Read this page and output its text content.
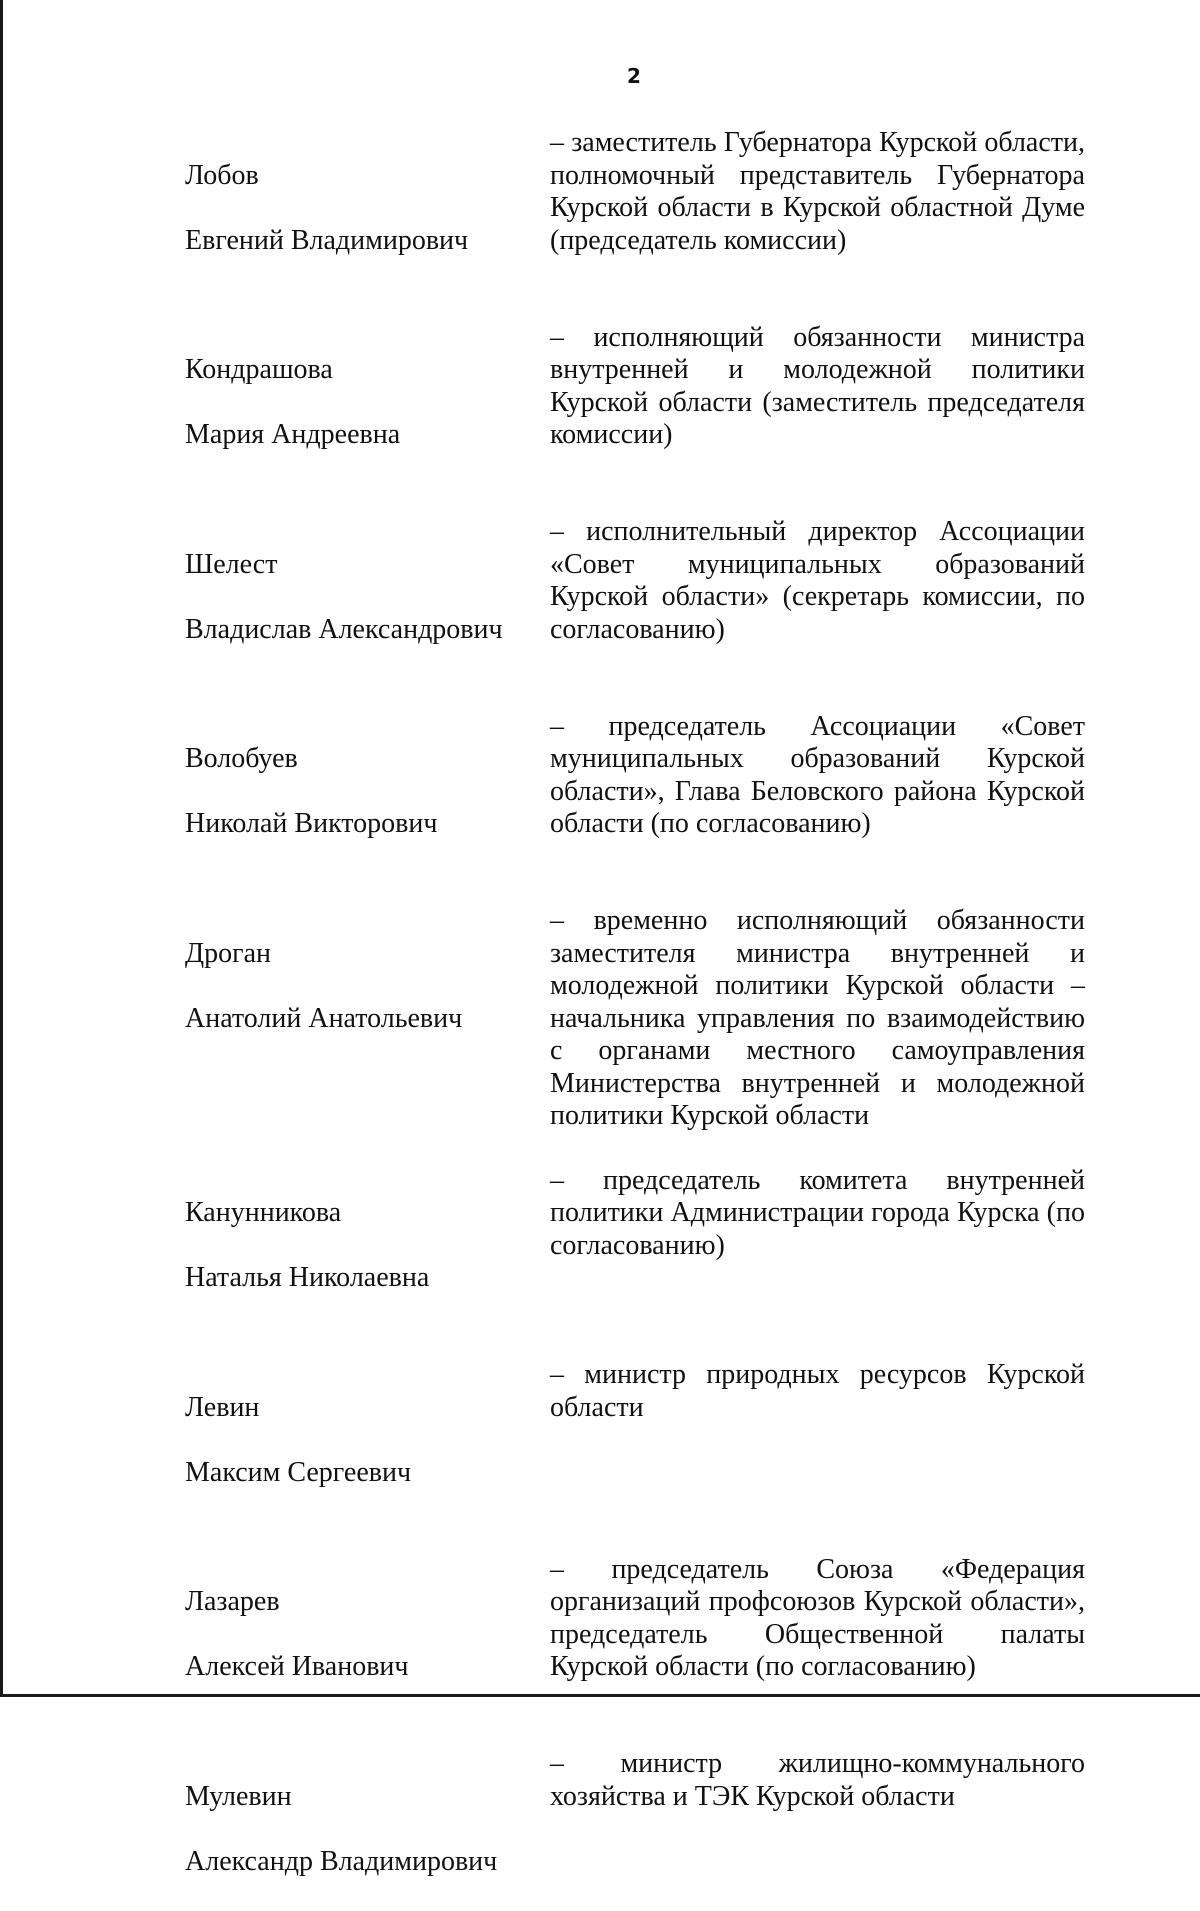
2

Лобов

Евгений Владимирович

– заместитель Губернатора Курской области, полномочный представитель Губернатора Курской области в Курской областной Думе (председатель комиссии)

Кондрашова

Мария Андреевна

– исполняющий обязанности министра внутренней и молодежной политики Курской области (заместитель председателя комиссии)

Шелест

Владислав Александрович

– исполнительный директор Ассоциации «Совет муниципальных образований Курской области» (секретарь комиссии, по согласованию)

Волобуев

Николай Викторович

– председатель Ассоциации «Совет муниципальных образований Курской области», Глава Беловского района Курской области (по согласованию)

Дроган

Анатолий Анатольевич

– временно исполняющий обязанности заместителя министра внутренней и молодежной политики Курской области – начальника управления по взаимодействию с органами местного самоуправления Министерства внутренней и молодежной политики Курской области

Канунникова

Наталья Николаевна

– председатель комитета внутренней политики Администрации города Курска (по согласованию)

Левин

Максим Сергеевич

– министр природных ресурсов Курской области

Лазарев

Алексей Иванович

– председатель Союза «Федерация организаций профсоюзов Курской области», председатель Общественной палаты Курской области (по согласованию)

Мулевин

Александр Владимирович

– министр жилищно-коммунального хозяйства и ТЭК Курской области
